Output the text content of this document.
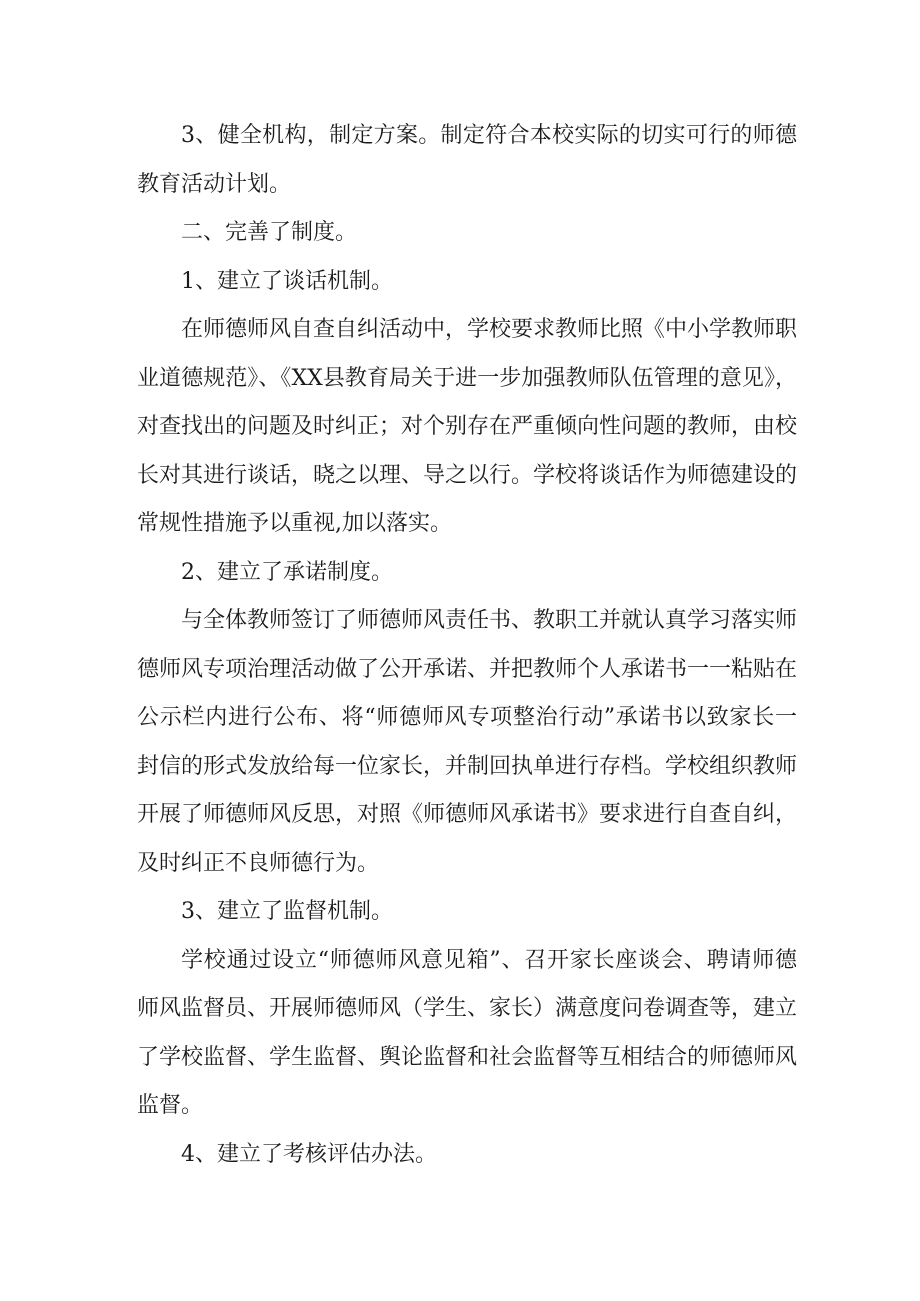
3、健全机构，制定方案。制定符合本校实际的切实可行的师德教育活动计划。

二、完善了制度。

1、建立了谈话机制。

在师德师风自查自纠活动中，学校要求教师比照《中小学教师职业道德规范》、《XX县教育局关于进一步加强教师队伍管理的意见》，对查找出的问题及时纠正；对个别存在严重倾向性问题的教师，由校长对其进行谈话，晓之以理、导之以行。学校将谈话作为师德建设的常规性措施予以重视,加以落实。

2、建立了承诺制度。

与全体教师签订了师德师风责任书、教职工并就认真学习落实师德师风专项治理活动做了公开承诺、并把教师个人承诺书一一粘贴在公示栏内进行公布、将“师德师风专项整治行动”承诺书以致家长一封信的形式发放给每一位家长，并制回执单进行存档。学校组织教师开展了师德师风反思，对照《师德师风承诺书》要求进行自查自纠，及时纠正不良师德行为。

3、建立了监督机制。

学校通过设立“师德师风意见箱”、召开家长座谈会、聘请师德师风监督员、开展师德师风（学生、家长）满意度问卷调查等，建立了学校监督、学生监督、舆论监督和社会监督等互相结合的师德师风监督。

4、建立了考核评估办法。
